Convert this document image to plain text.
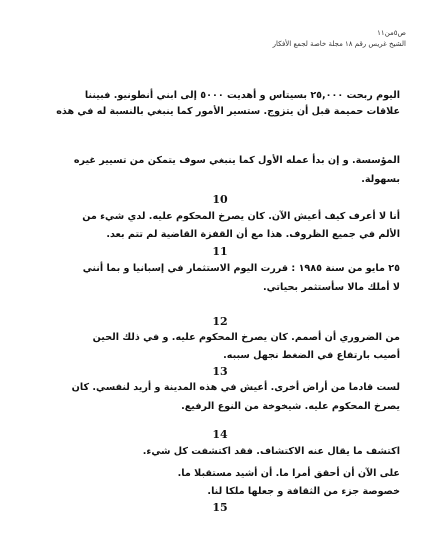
ص٥من١١
الشيخ غريس رقم ١٨ مجلة خاصة لجمع الأفكار
اليوم ربحت ٢٥,٠٠٠ بسيتاس و أهديت ٥٠٠٠ إلى ابني أنطونيو. فبيننا
علاقات حميمة قبل أن يتزوج. ستسير الأمور كما ينبغي بالنسبة له في هذه
المؤسسة. و إن بدأ عمله الأول كما ينبغي سوف يتمكن من تسيير غيره
بسهولة.
10
أنا لا أعرف كيف أعيش الآن. كان يصرخ المحكوم عليه. لدي شيء من
الألم في جميع الظروف. هذا مع أن القفزة القاضية لم تتم بعد.
11
٢٥ مايو من سنة ١٩٨٥ : قررت اليوم الاستثمار في إسبانيا و بما أنني
لا أملك مالا سأستثمر بحياتي.
12
من الضروري أن أصمم. كان يصرخ المحكوم عليه. و في ذلك الحين
أصيب بارتفاع في الضغط نجهل سببه.
13
لست قادما من أراض أخرى. أعيش في هذه المدينة و أريد لنفسي. كان
يصرخ المحكوم عليه. شيخوخة من النوع الرفيع.
14
اكتشف ما يقال عنه الاكتشاف. فقد اكتشفت كل شيء.
على الآن أن أحقق أمرا ما. أن أشيد مستقبلا ما.
خصوصة جزء من الثقافة و جعلها ملكا لنا.
15
